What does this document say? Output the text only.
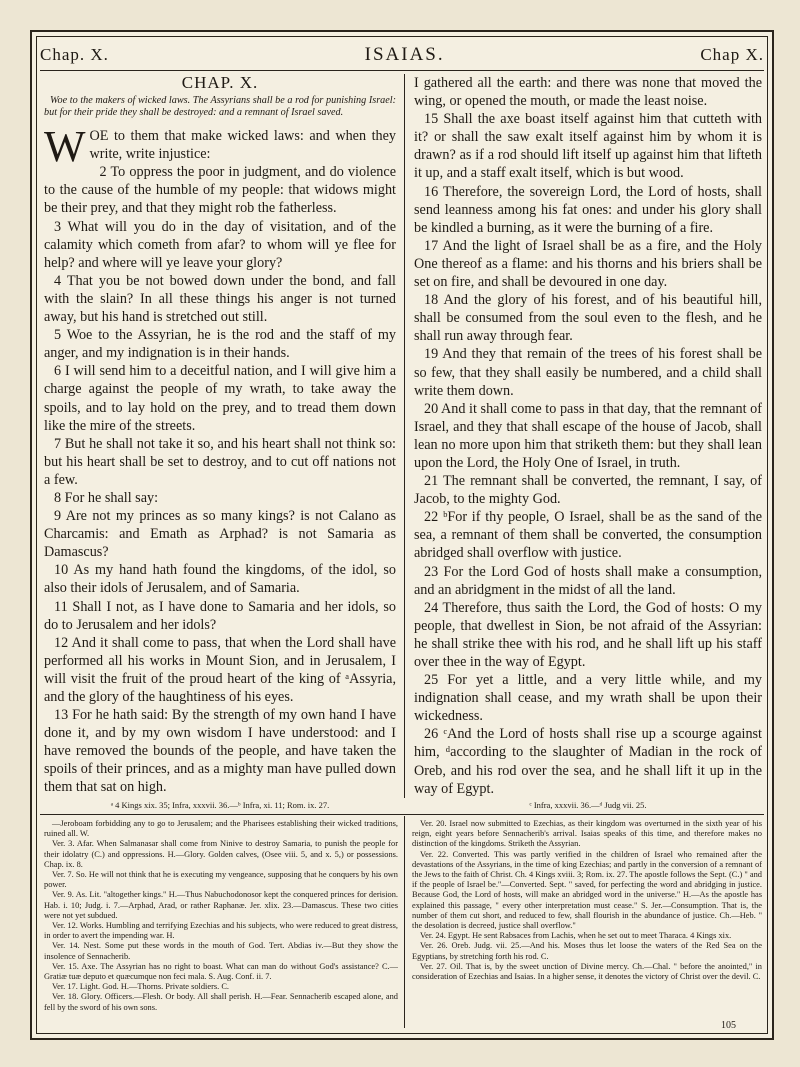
Chap. X.	ISAIAS.	Chap X.
CHAP. X.

Woe to the makers of wicked laws. The Assyrians shall be a rod for punishing Israel: but for their pride they shall be destroyed: and a remnant of Israel saved.

WOE to them that make wicked laws: and when they write, write injustice:

2 To oppress the poor in judgment, and do violence to the cause of the humble of my people: that widows might be their prey, and that they might rob the fatherless.

3 What will you do in the day of visitation, and of the calamity which cometh from afar? to whom will ye flee for help? and where will ye leave your glory?

4 That you be not bowed down under the bond, and fall with the slain? In all these things his anger is not turned away, but his hand is stretched out still.

5 Woe to the Assyrian, he is the rod and the staff of my anger, and my indignation is in their hands.

6 I will send him to a deceitful nation, and I will give him a charge against the people of my wrath, to take away the spoils, and to lay hold on the prey, and to tread them down like the mire of the streets.

7 But he shall not take it so, and his heart shall not think so: but his heart shall be set to destroy, and to cut off nations not a few.

8 For he shall say:

9 Are not my princes as so many kings? is not Calano as Charcamis: and Emath as Arphad? is not Samaria as Damascus?

10 As my hand hath found the kingdoms, of the idol, so also their idols of Jerusalem, and of Samaria.

11 Shall I not, as I have done to Samaria and her idols, so do to Jerusalem and her idols?

12 And it shall come to pass, that when the Lord shall have performed all his works in Mount Sion, and in Jerusalem, I will visit the fruit of the proud heart of the king of ᵃAssyria, and the glory of the haughtiness of his eyes.

13 For he hath said: By the strength of my own hand I have done it, and by my own wisdom I have understood: and I have removed the bounds of the people, and have taken the spoils of their princes, and as a mighty man have pulled down them that sat on high.

I gathered all the earth: and there was none that moved the wing, or opened the mouth, or made the least noise.

15 Shall the axe boast itself against him that cutteth with it? or shall the saw exalt itself against him by whom it is drawn? as if a rod should lift itself up against him that lifteth it up, and a staff exalt itself, which is but wood.

16 Therefore, the sovereign Lord, the Lord of hosts, shall send leanness among his fat ones: and under his glory shall be kindled a burning, as it were the burning of a fire.

17 And the light of Israel shall be as a fire, and the Holy One thereof as a flame: and his thorns and his briers shall be set on fire, and shall be devoured in one day.

18 And the glory of his forest, and of his beautiful hill, shall be consumed from the soul even to the flesh, and he shall run away through fear.

19 And they that remain of the trees of his forest shall be so few, that they shall easily be numbered, and a child shall write them down.

20 And it shall come to pass in that day, that the remnant of Israel, and they that shall escape of the house of Jacob, shall lean no more upon him that striketh them: but they shall lean upon the Lord, the Holy One of Israel, in truth.

21 The remnant shall be converted, the remnant, I say, of Jacob, to the mighty God.

22 ᵇFor if thy people, O Israel, shall be as the sand of the sea, a remnant of them shall be converted, the consumption abridged shall overflow with justice.

23 For the Lord God of hosts shall make a consumption, and an abridgment in the midst of all the land.

24 Therefore, thus saith the Lord, the God of hosts: O my people, that dwellest in Sion, be not afraid of the Assyrian: he shall strike thee with his rod, and he shall lift up his staff over thee in the way of Egypt.

25 For yet a little, and a very little while, and my indignation shall cease, and my wrath shall be upon their wickedness.

26 ᶜAnd the Lord of hosts shall rise up a scourge against him, ᵈaccording to the slaughter of Madian in the rock of Oreb, and his rod over the sea, and he shall lift it up in the way of Egypt.

ᵃ 4 Kings xix. 35; Infra, xxxvii. 36.—ᵇ Infra, xi. 11; Rom. ix. 27.	ᶜ Infra, xxxvii. 36.—ᵈ Judg vii. 25.

—Jeroboam forbidding any to go to Jerusalem; and the Pharisees establishing their wicked traditions, ruined all. W.

Ver. 3. Afar. When Salmanasar shall come from Ninive to destroy Samaria, to punish the people for their idolatry (C.) and oppressions. H.—Glory. Golden calves, (Osee viii. 5, and x. 5,) or possessions. Chap. ix. 8.

Ver. 7. So. He will not think that he is executing my vengeance, supposing that he conquers by his own power.

Ver. 9. As. Lit. "altogether kings." H.—Thus Nabuchodonosor kept the conquered princes for derision. Hab. i. 10; Judg. i. 7.—Arphad, Arad, or rather Raphanæ. Jer. xlix. 23.—Damascus. These two cities were not yet subdued.

Ver. 12. Works. Humbling and terrifying Ezechias and his subjects, who were reduced to great distress, in order to avert the impending war. H.

Ver. 14. Nest. Some put these words in the mouth of God. Tert. Abdias iv.—But they show the insolence of Sennacherib.

Ver. 15. Axe. The Assyrian has no right to boast. What can man do without God's assistance? C.—Gratiæ tuæ deputo et quæcumque non feci mala. S. Aug. Conf. ii. 7.

Ver. 17. Light. God. H.—Thorns. Private soldiers. C.

Ver. 18. Glory. Officers.—Flesh. Or body. All shall perish. H.—Fear. Sennacherib escaped alone, and fell by the sword of his own sons.

Ver. 20. Israel now submitted to Ezechias, as their kingdom was overturned in the sixth year of his reign, eight years before Sennacherib's arrival. Isaias speaks of this time, and therefore makes no distinction of the kingdoms. Striketh the Assyrian.

Ver. 22. Converted. This was partly verified in the children of Israel who remained after the devastations of the Assyrians, in the time of king Ezechias; and partly in the conversion of a remnant of the Jews to the faith of Christ. Ch. 4 Kings xviii. 3; Rom. ix. 27. The apostle follows the Sept. (C.) " and if the people of Israel be."—Converted. Sept. " saved, for perfecting the word and abridging in justice. Because God, the Lord of hosts, will make an abridged word in the universe." H.—As the apostle has explained this passage, " every other interpretation must cease." S. Jer.—Consumption. That is, the number of them cut short, and reduced to few, shall flourish in the abundance of justice. Ch.—Heb. " the desolation is decreed, justice shall overflow."

Ver. 24. Egypt. He sent Rabsaces from Lachis, when he set out to meet Tharaca. 4 Kings xix.

Ver. 26. Oreb. Judg. vii. 25.—And his. Moses thus let loose the waters of the Red Sea on the Egyptians, by stretching forth his rod. C.

Ver. 27. Oil. That is, by the sweet unction of Divine mercy. Ch.—Chal. " before the anointed," in consideration of Ezechias and Isaias. In a higher sense, it denotes the victory of Christ over the devil. C.

105
